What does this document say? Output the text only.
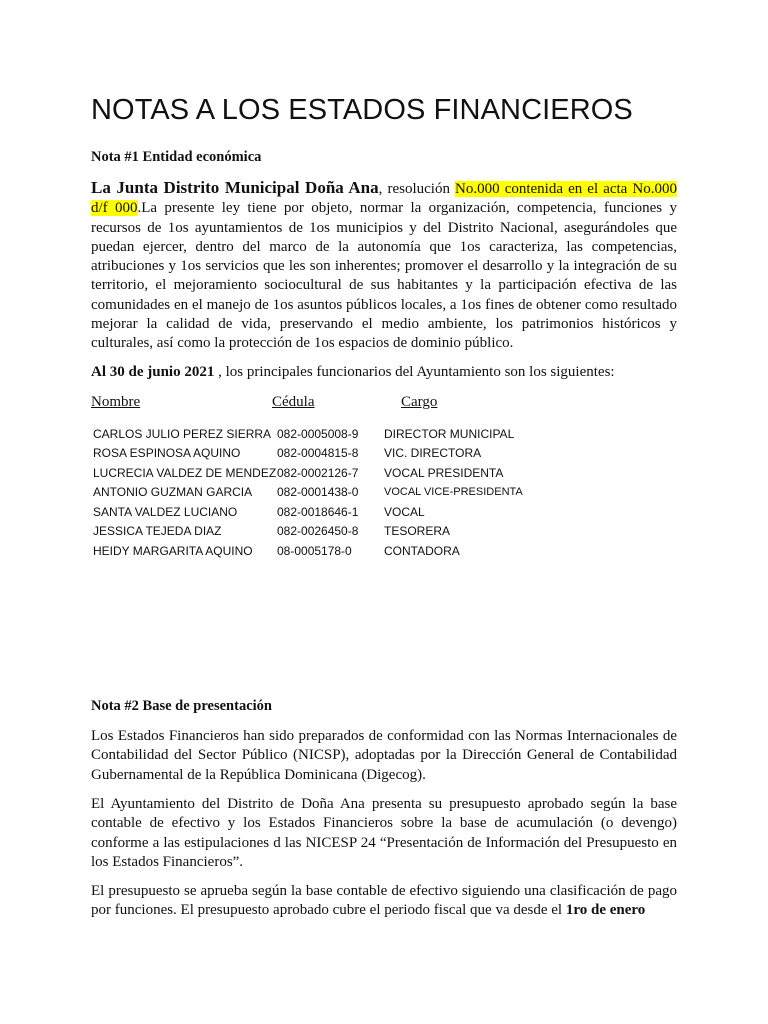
NOTAS A LOS ESTADOS FINANCIEROS
Nota #1 Entidad económica

La Junta Distrito Municipal Doña Ana, resolución No.000 contenida en el acta No.000 d/f 000.La presente ley tiene por objeto, normar la organización, competencia, funciones y recursos de 1os ayuntamientos de 1os municipios y del Distrito Nacional, asegurándoles que puedan ejercer, dentro del marco de la autonomía que 1os caracteriza, las competencias, atribuciones y 1os servicios que les son inherentes; promover el desarrollo y la integración de su territorio, el mejoramiento sociocultural de sus habitantes y la participación efectiva de las comunidades en el manejo de 1os asuntos públicos locales, a 1os fines de obtener como resultado mejorar la calidad de vida, preservando el medio ambiente, los patrimonios históricos y culturales, así como la protección de 1os espacios de dominio público.

Al 30 de junio 2021 , los principales funcionarios del Ayuntamiento son los siguientes:

Nombre	Cédula	Cargo
CARLOS JULIO PEREZ SIERRA	082-0005008-9	DIRECTOR MUNICIPAL
ROSA ESPINOSA AQUINO	082-0004815-8	VIC. DIRECTORA
LUCRECIA VALDEZ DE MENDEZ	082-0002126-7	VOCAL PRESIDENTA
ANTONIO GUZMAN GARCIA	082-0001438-0	VOCAL VICE-PRESIDENTA
SANTA VALDEZ LUCIANO	082-0018646-1	VOCAL
JESSICA TEJEDA DIAZ	082-0026450-8	TESORERA
HEIDY MARGARITA AQUINO	08-0005178-0	CONTADORA
Nota #2 Base de presentación

Los Estados Financieros han sido preparados de conformidad con las Normas Internacionales de Contabilidad del Sector Público (NICSP), adoptadas por la Dirección General de Contabilidad Gubernamental de la República Dominicana (Digecog).

El Ayuntamiento del Distrito de Doña Ana presenta su presupuesto aprobado según la base contable de efectivo y los Estados Financieros sobre la base de acumulación (o devengo) conforme a las estipulaciones d las NICESP 24 “Presentación de Información del Presupuesto en los Estados Financieros”.

El presupuesto se aprueba según la base contable de efectivo siguiendo una clasificación de pago por funciones. El presupuesto aprobado cubre el periodo fiscal que va desde el 1ro de enero
